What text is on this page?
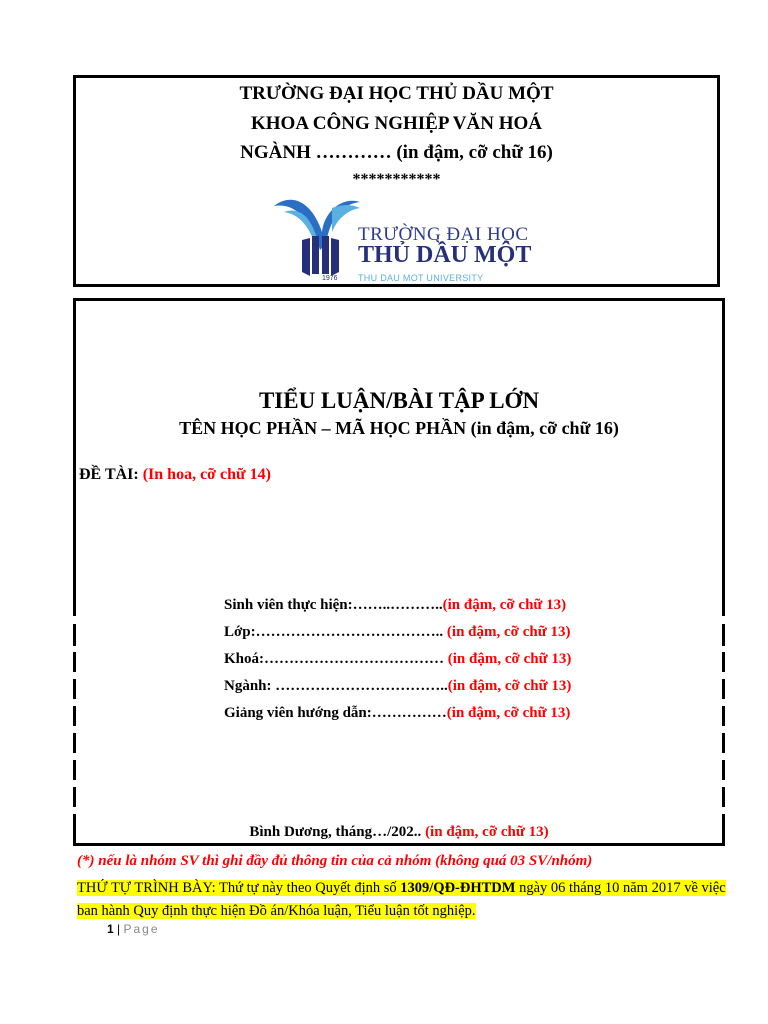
TRƯỜNG ĐẠI HỌC THỦ DẦU MỘT
KHOA CÔNG NGHIỆP VĂN HOÁ
NGÀNH ………… (in đậm, cỡ chữ 16)
***********
1976
TRƯỜNG ĐẠI HỌC
THỦ DẦU MỘT
THU DAU MOT UNIVERSITY
TIỂU LUẬN/BÀI TẬP LỚN
TÊN HỌC PHẦN – MÃ HỌC PHẦN (in đậm, cỡ chữ 16)
ĐỀ TÀI: (In hoa, cỡ chữ 14)
Sinh viên thực hiện:……..………..(in đậm, cỡ chữ 13)
Lớp:……………………………….. (in đậm, cỡ chữ 13)
Khoá:……………………………… (in đậm, cỡ chữ 13)
Ngành: ……………………………..(in đậm, cỡ chữ 13)
Giảng viên hướng dẫn:……………(in đậm, cỡ chữ 13)
Bình Dương, tháng…/202.. (in đậm, cỡ chữ 13)
(*) nếu là nhóm SV thì ghi đầy đủ thông tin của cả nhóm (không quá 03 SV/nhóm)
THỨ TỰ TRÌNH BÀY: Thứ tự này theo Quyết định số 1309/QĐ-ĐHTDM ngày 06 tháng 10 năm 2017 về việc ban hành Quy định thực hiện Đồ án/Khóa luận, Tiểu luận tốt nghiệp.
1 | Page
